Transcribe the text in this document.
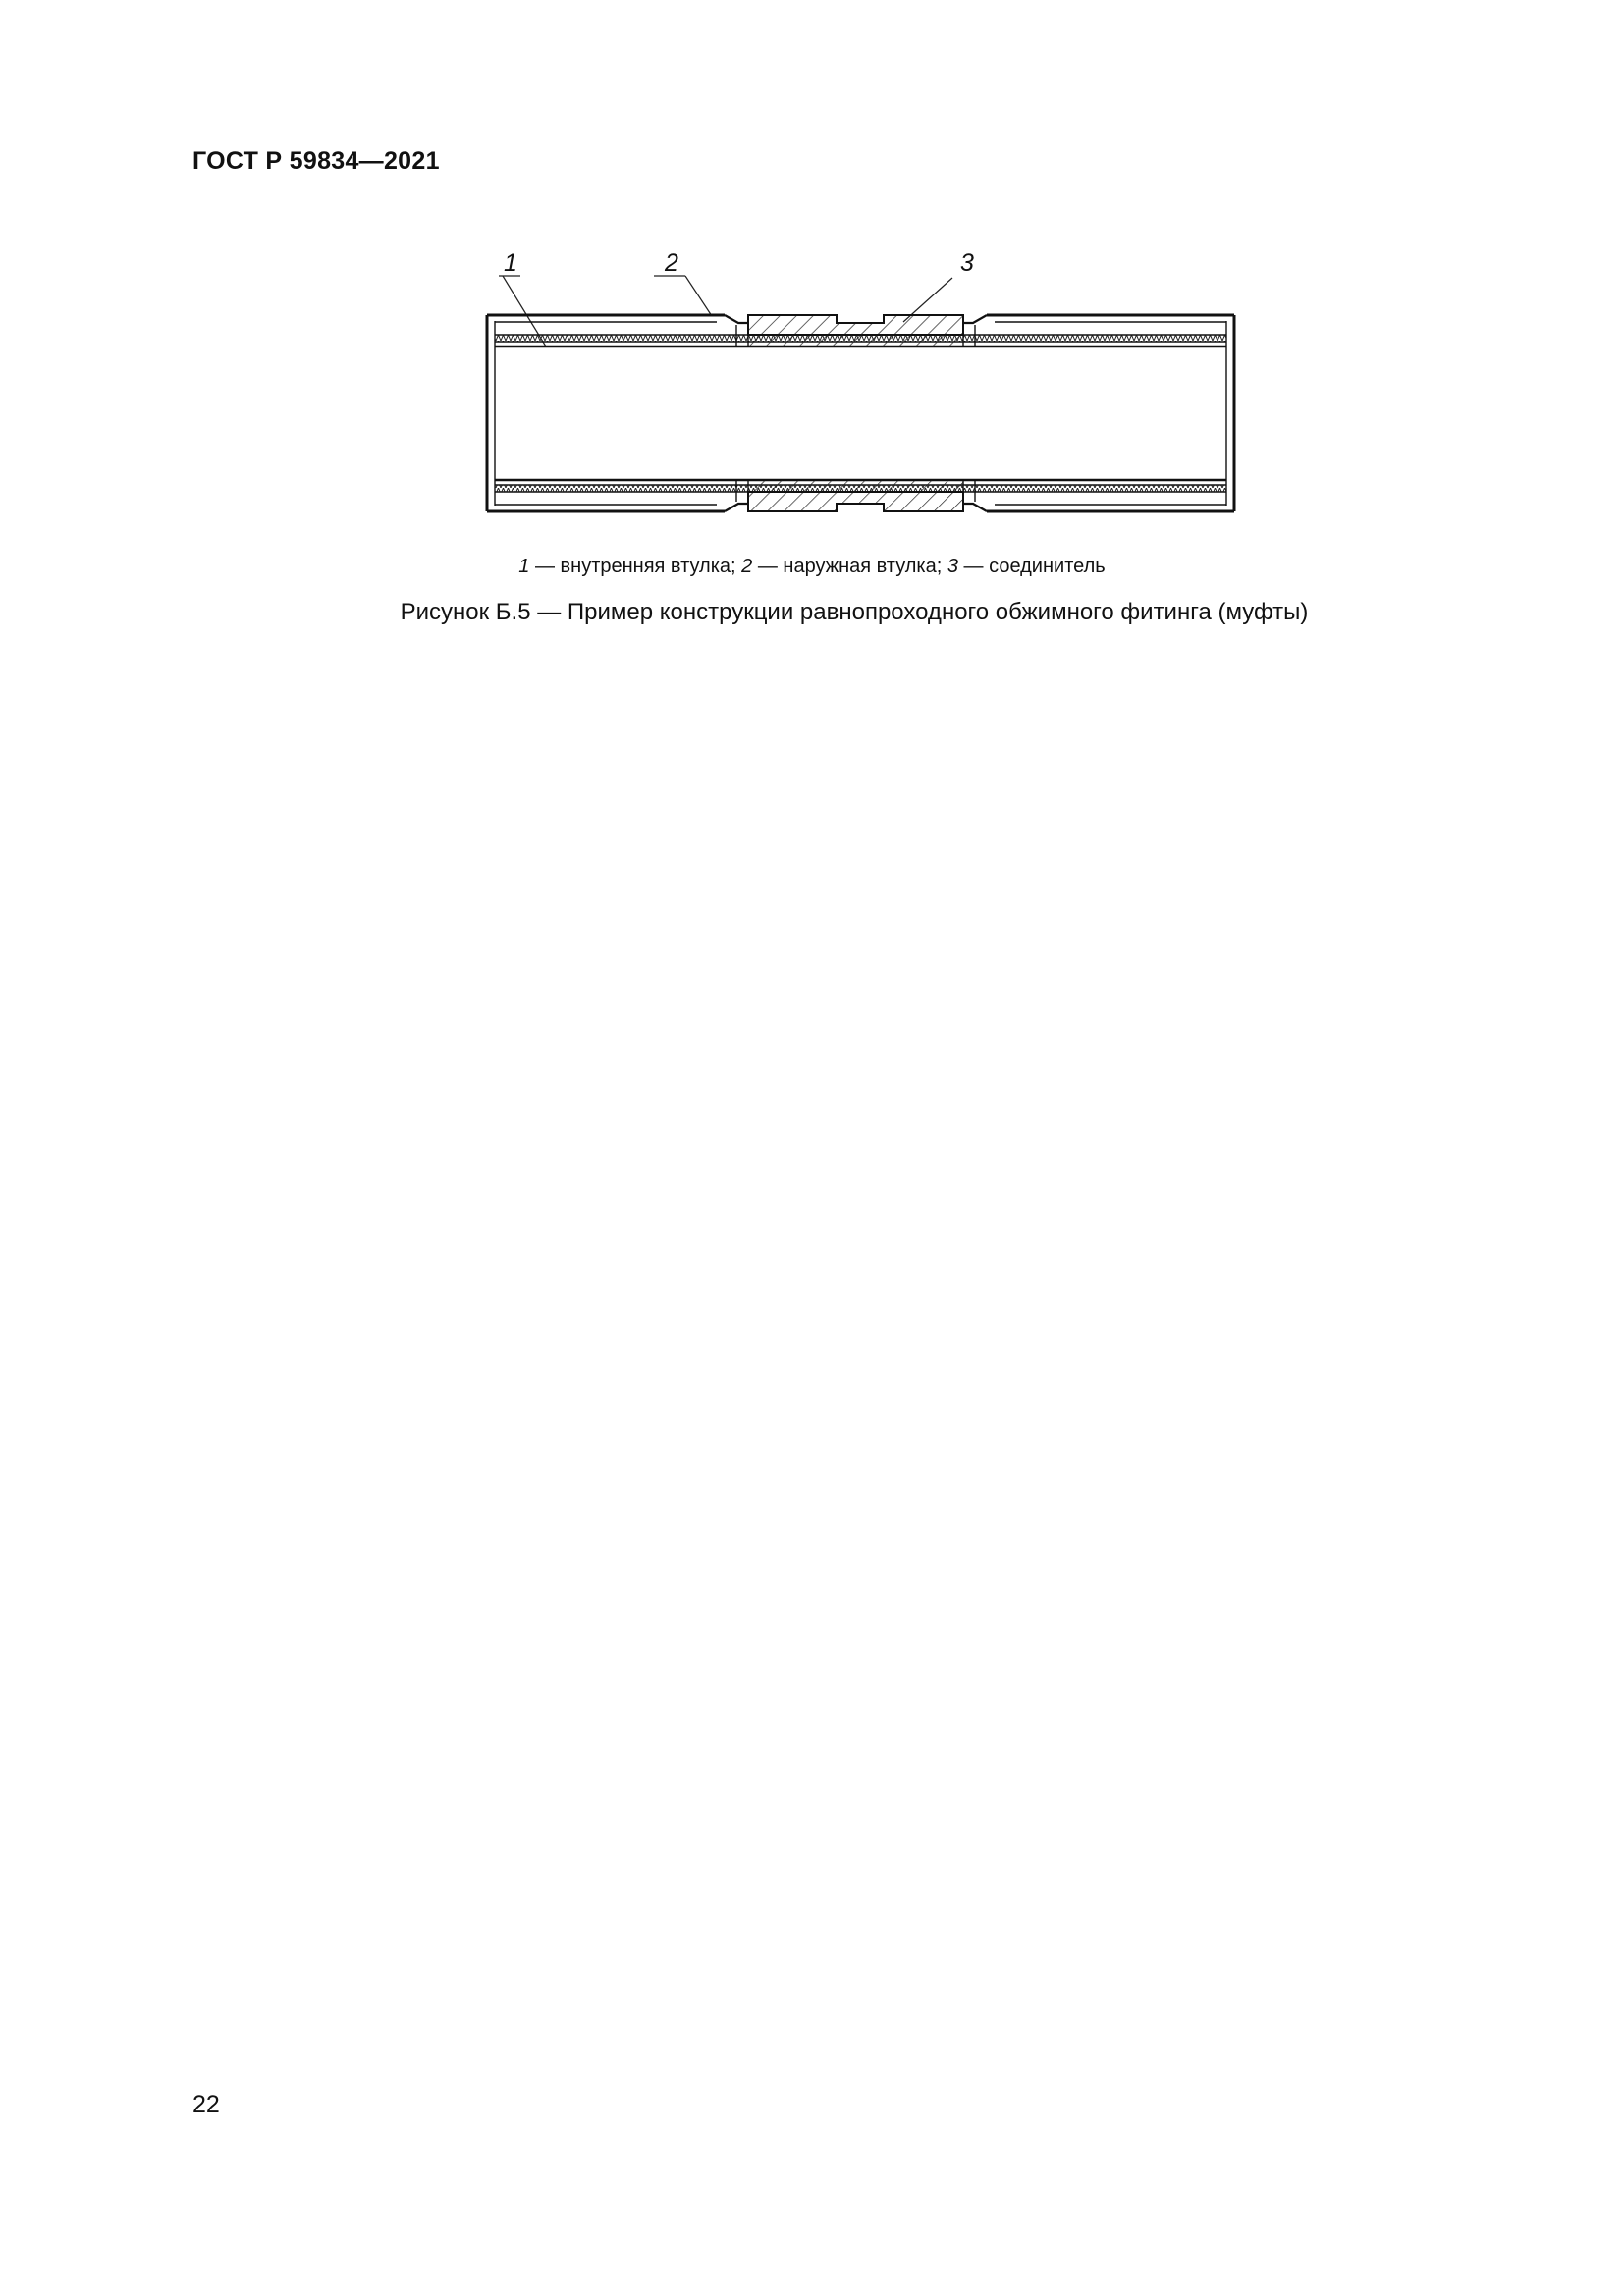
ГОСТ Р 59834—2021
1	2	3
1 — внутренняя втулка; 2 — наружная втулка; 3 — соединитель
Рисунок Б.5 — Пример конструкции равнопроходного обжимного фитинга (муфты)
22
